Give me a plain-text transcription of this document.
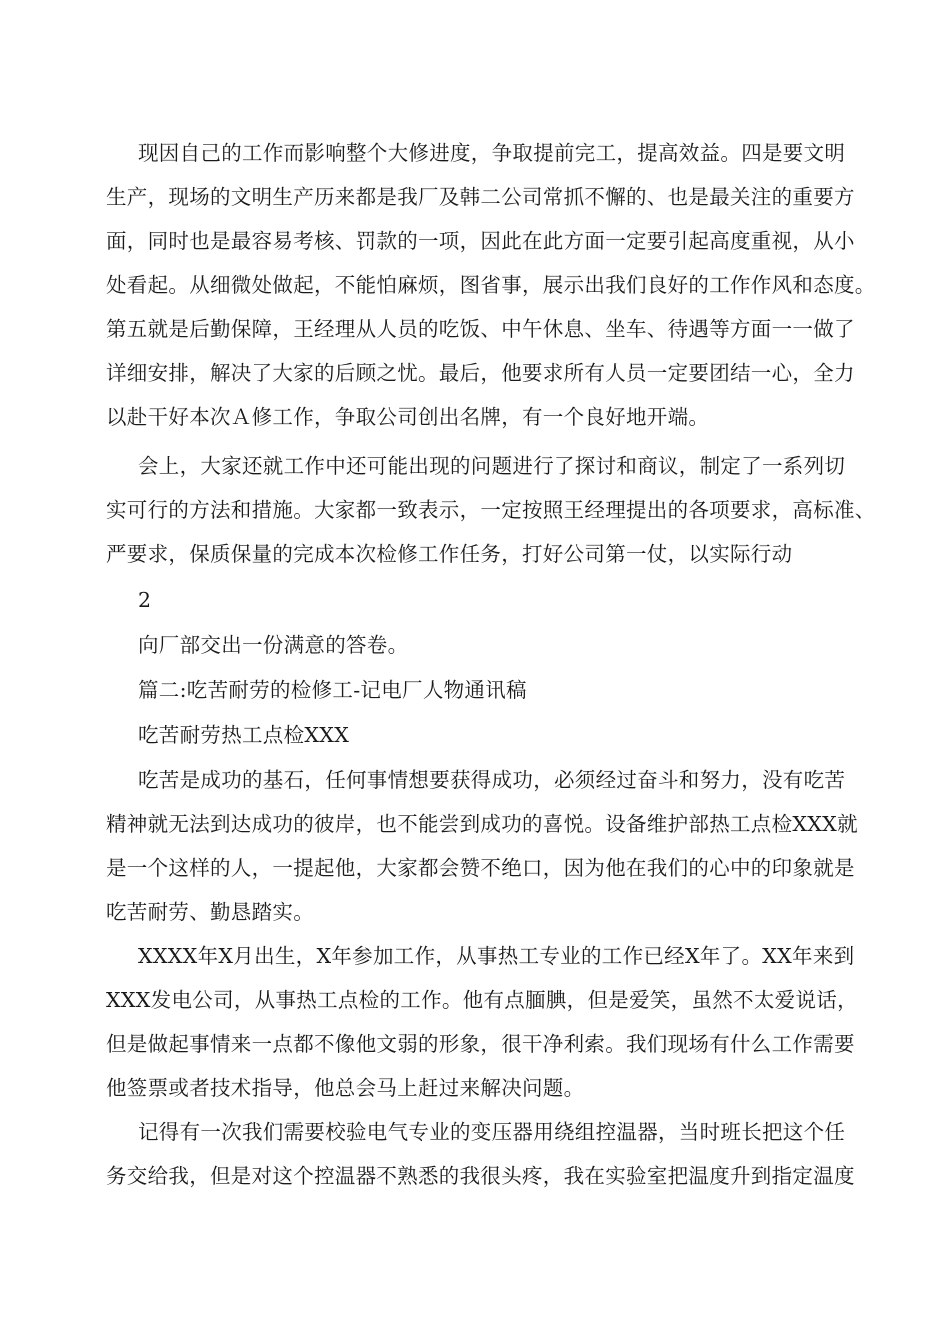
现因自己的工作而影响整个大修进度，争取提前完工，提高效益。四是要文明
生产，现场的文明生产历来都是我厂及韩二公司常抓不懈的、也是最关注的重要方
面，同时也是最容易考核、罚款的一项，因此在此方面一定要引起高度重视，从小
处看起。从细微处做起，不能怕麻烦，图省事，展示出我们良好的工作作风和态度。
第五就是后勤保障，王经理从人员的吃饭、中午休息、坐车、待遇等方面一一做了
详细安排，解决了大家的后顾之忧。最后，他要求所有人员一定要团结一心，全力
以赴干好本次Ａ修工作，争取公司创出名牌，有一个良好地开端。
会上，大家还就工作中还可能出现的问题进行了探讨和商议，制定了一系列切
实可行的方法和措施。大家都一致表示，一定按照王经理提出的各项要求，高标准、
严要求，保质保量的完成本次检修工作任务，打好公司第一仗，以实际行动
2
向厂部交出一份满意的答卷。
篇二:吃苦耐劳的检修工-记电厂人物通讯稿
吃苦耐劳热工点检XXX
吃苦是成功的基石，任何事情想要获得成功，必须经过奋斗和努力，没有吃苦
精神就无法到达成功的彼岸，也不能尝到成功的喜悦。设备维护部热工点检XXX就
是一个这样的人，一提起他，大家都会赞不绝口，因为他在我们的心中的印象就是
吃苦耐劳、勤恳踏实。
XXXX年X月出生，X年参加工作，从事热工专业的工作已经X年了。XX年来到
XXX发电公司，从事热工点检的工作。他有点腼腆，但是爱笑，虽然不太爱说话，
但是做起事情来一点都不像他文弱的形象，很干净利索。我们现场有什么工作需要
他签票或者技术指导，他总会马上赶过来解决问题。
记得有一次我们需要校验电气专业的变压器用绕组控温器，当时班长把这个任
务交给我，但是对这个控温器不熟悉的我很头疼，我在实验室把温度升到指定温度
